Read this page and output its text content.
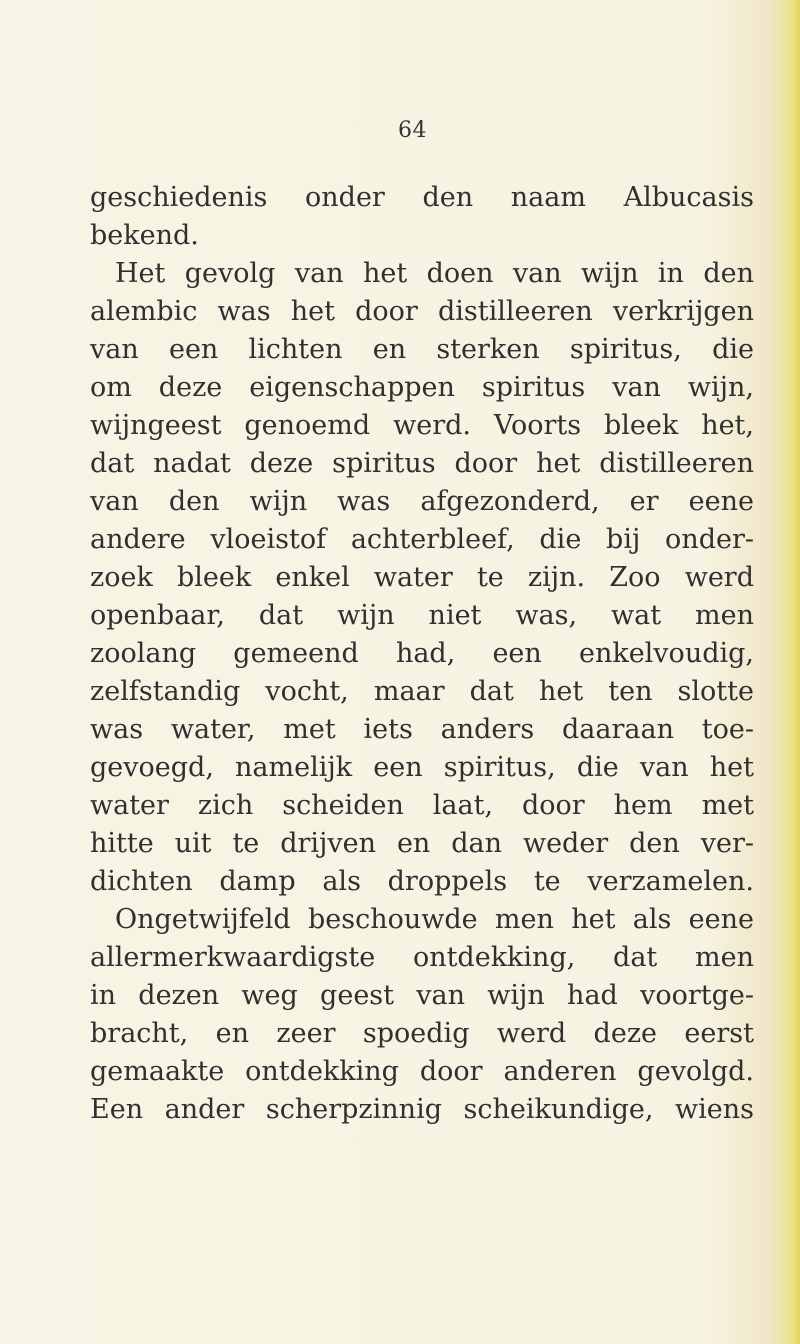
64
geschiedenis onder den naam Albucasis
bekend.
Het gevolg van het doen van wijn in den
alembic was het door distilleeren verkrijgen
van een lichten en sterken spiritus, die
om deze eigenschappen spiritus van wijn,
wijngeest genoemd werd. Voorts bleek het,
dat nadat deze spiritus door het distilleeren
van den wijn was afgezonderd, er eene
andere vloeistof achterbleef, die bij onder-
zoek bleek enkel water te zijn. Zoo werd
openbaar, dat wijn niet was, wat men
zoolang gemeend had, een enkelvoudig,
zelfstandig vocht, maar dat het ten slotte
was water, met iets anders daaraan toe-
gevoegd, namelijk een spiritus, die van het
water zich scheiden laat, door hem met
hitte uit te drijven en dan weder den ver-
dichten damp als droppels te verzamelen.
Ongetwijfeld beschouwde men het als eene
allermerkwaardigste ontdekking, dat men
in dezen weg geest van wijn had voortge-
bracht, en zeer spoedig werd deze eerst
gemaakte ontdekking door anderen gevolgd.
Een ander scherpzinnig scheikundige, wiens
